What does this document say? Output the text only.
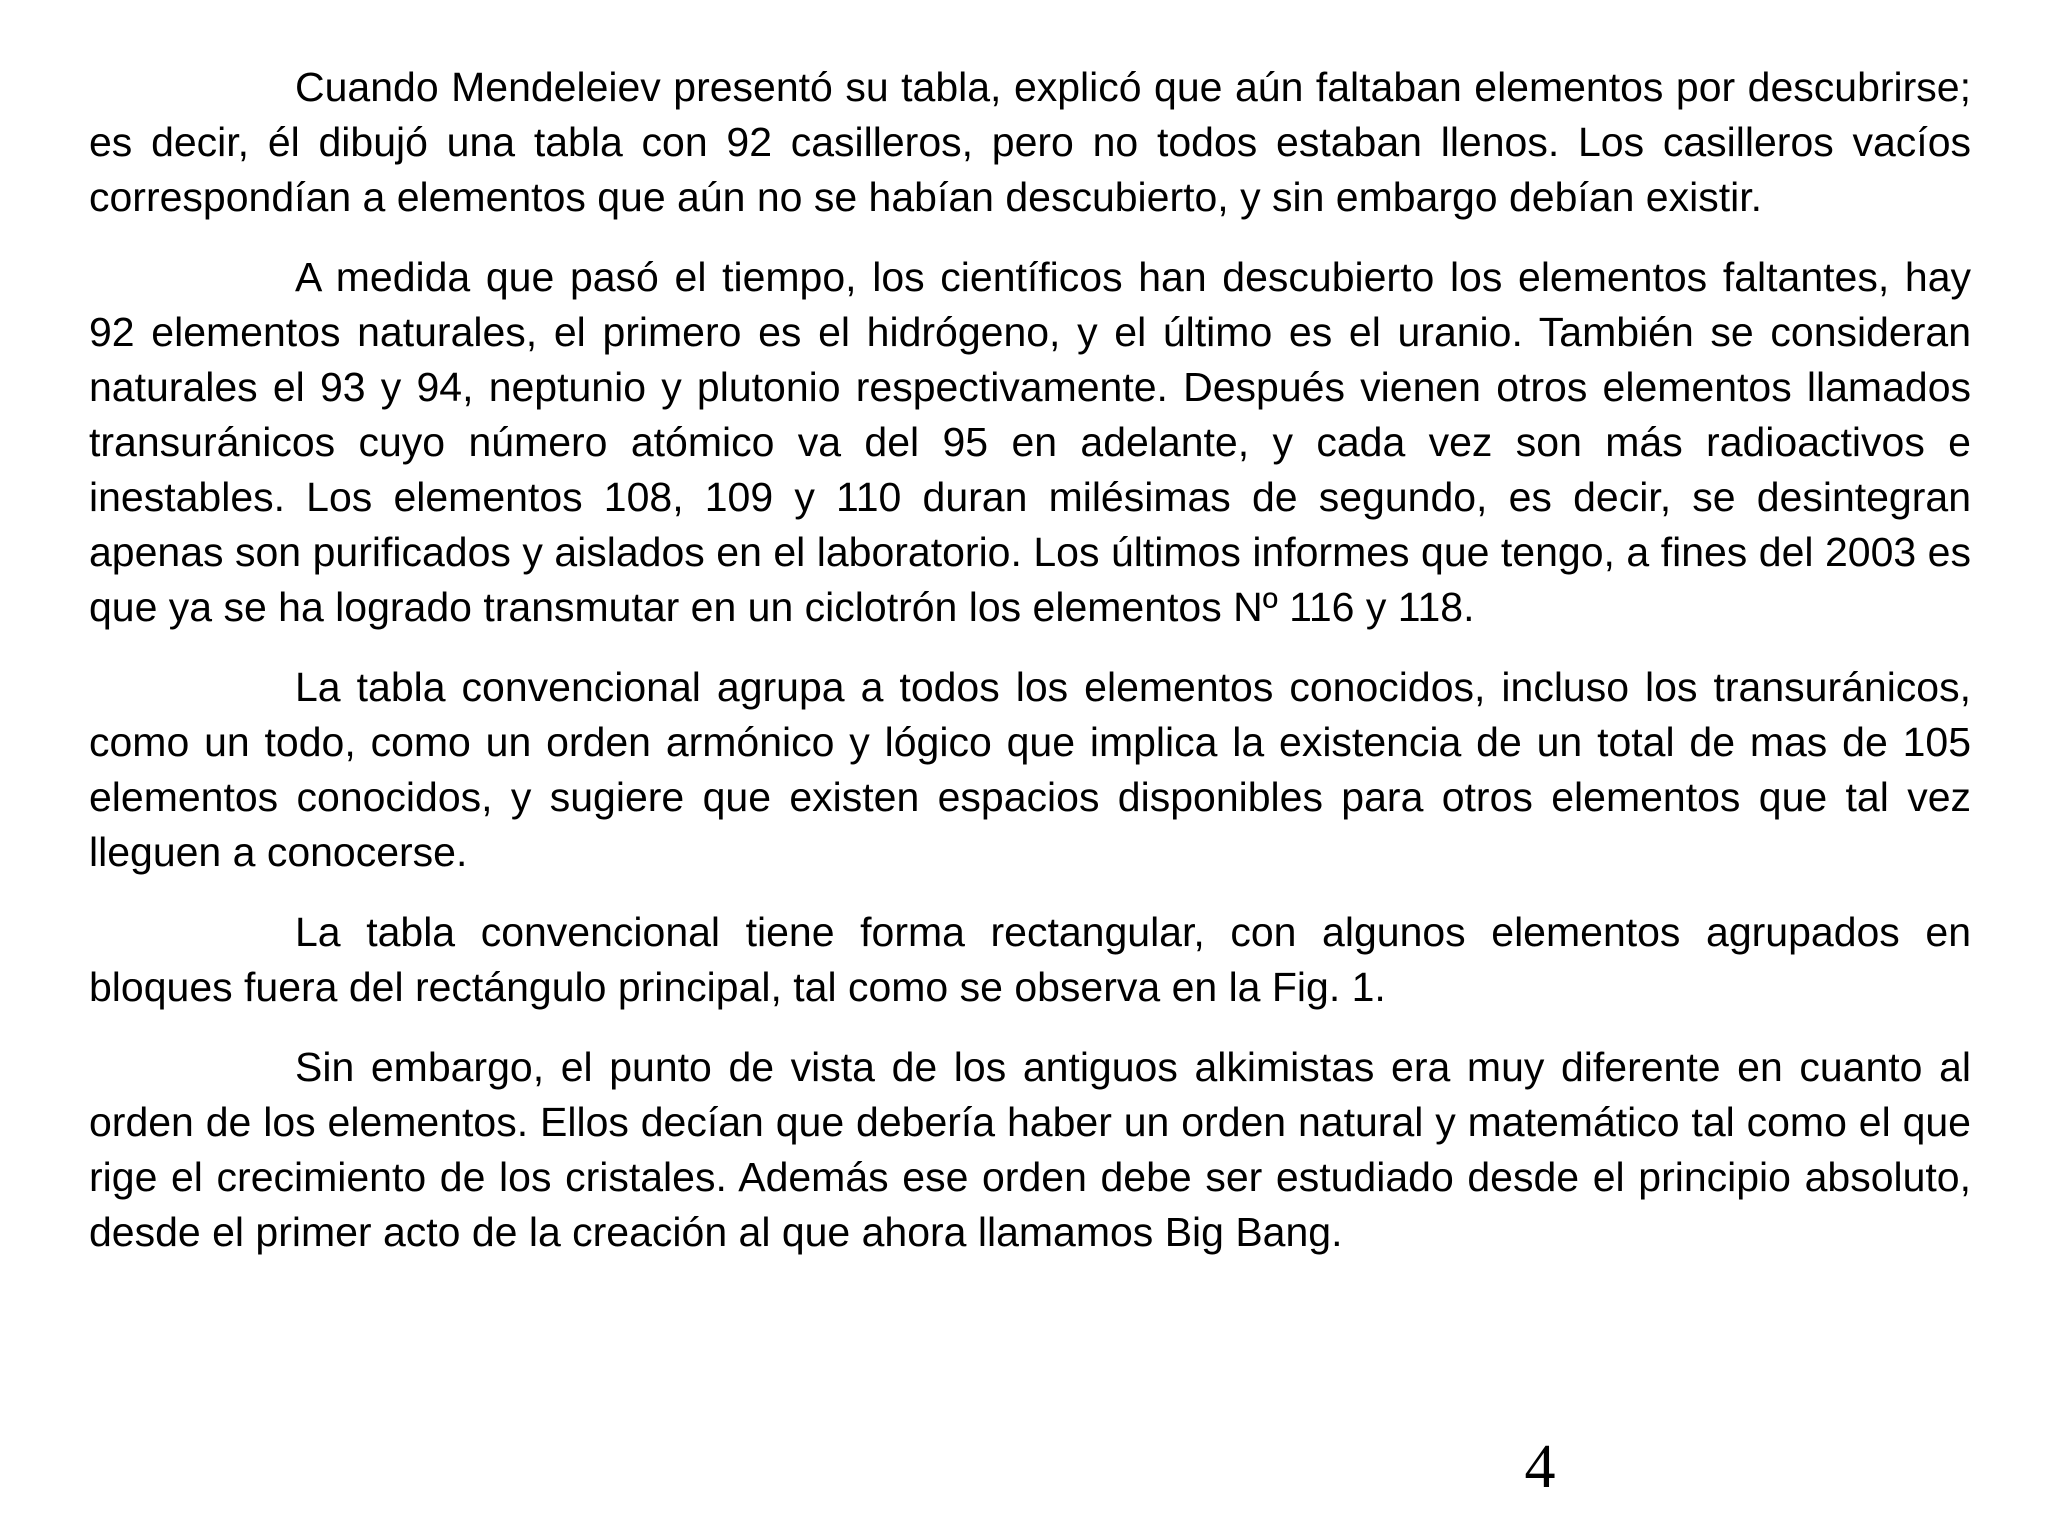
Cuando Mendeleiev presentó su tabla, explicó que aún faltaban elementos por descubrirse; es decir, él dibujó una tabla con 92 casilleros, pero no todos estaban llenos. Los casilleros vacíos correspondían a elementos que aún no se habían descubierto, y sin embargo debían existir.

A medida que pasó el tiempo, los científicos han descubierto los elementos faltantes, hay 92 elementos naturales, el primero es el hidrógeno, y el último es el uranio. También se consideran naturales el 93 y 94, neptunio y plutonio respectivamente. Después vienen otros elementos llamados transuránicos cuyo número atómico va del 95 en adelante, y cada vez son más radioactivos e inestables. Los elementos 108, 109 y 110 duran milésimas de segundo, es decir, se desintegran apenas son purificados y aislados en el laboratorio. Los últimos informes que tengo, a fines del 2003 es que ya se ha logrado transmutar en un ciclotrón los elementos Nº 116 y 118.

La tabla convencional agrupa a todos los elementos conocidos, incluso los transuránicos, como un todo, como un orden armónico y lógico que implica la existencia de un total de mas de 105 elementos conocidos, y sugiere que existen espacios disponibles para otros elementos que tal vez lleguen a conocerse.

La tabla convencional tiene forma rectangular, con algunos elementos agrupados en bloques fuera del rectángulo principal, tal como se observa en la Fig. 1.

Sin embargo, el punto de vista de los antiguos alkimistas era muy diferente en cuanto al orden de los elementos. Ellos decían que debería haber un orden natural y matemático tal como el que rige el crecimiento de los cristales. Además ese orden debe ser estudiado desde el principio absoluto, desde el primer acto de la creación al que ahora llamamos Big Bang.

4
